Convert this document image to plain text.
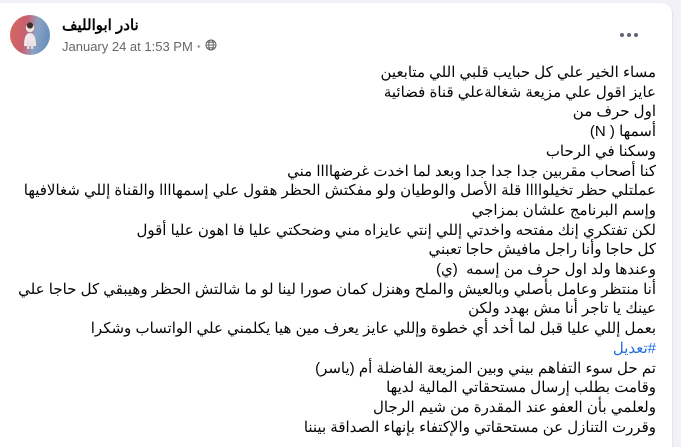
نادر ابوالليف
January 24 at 1:53 PM ·
مساء الخير علي كل حبايب قلبي اللي متابعين
عايز اقول علي مزيعة شغالةعلي قناة فضائية
اول حرف من
أسمها ( N)
وسكنا في الرحاب
كنا أصحاب مقربين جدا جدا جدا وبعد لما اخدت غرضهاااا مني
عملتلي حظر تخيلواااا قلة الأصل والوطيان ولو مفكتش الحظر هقول علي إسمهاااا والقناة إللي شغالافيها
وإسم البرنامج علشان بمزاجي
لكن تفتكري إنك مفتحه واخدتي إللي إنتي عايزاه مني وضحكتي عليا فا اهون عليا أقول
كل حاجا وأنا راجل مافيش حاجا تعبني
وعندها ولد اول حرف من إسمه  (ي)
أنا منتظر وعامل بأصلي وبالعيش والملح وهنزل كمان صورا لينا لو ما شالتش الحظر وهيبقي كل حاجا علي
عينك يا تاجر أنا مش بهدد ولكن
بعمل إللي عليا قبل لما أخد أي خطوة وإللي عايز يعرف مين هيا يكلمني علي الواتساب وشكرا
#تعديل
تم حل سوء التفاهم بيني وبين المزيعة الفاضلة أم (ياسر)
وقامت بطلب إرسال مستحقاتي المالية لديها
ولعلمي بأن العفو عند المقدرة من شيم الرجال
وقررت التنازل عن مستحقاتي والإكتفاء بإنهاء الصداقة بيننا
